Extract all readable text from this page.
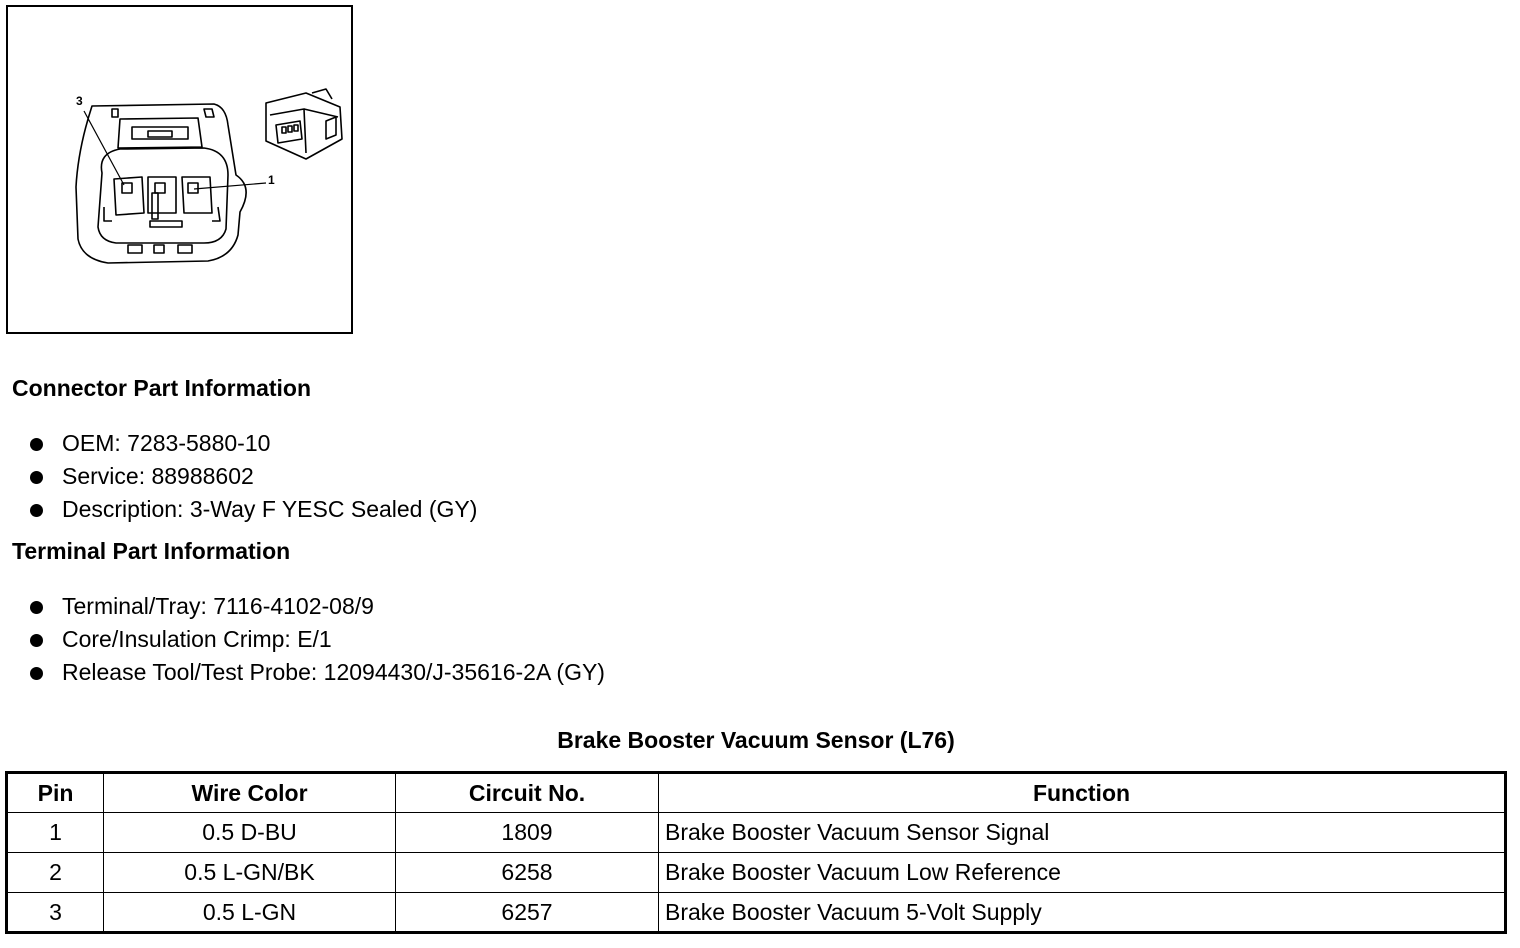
3
1
Connector Part Information
OEM: 7283-5880-10
Service: 88988602
Description: 3-Way F YESC Sealed (GY)
Terminal Part Information
Terminal/Tray: 7116-4102-08/9
Core/Insulation Crimp: E/1
Release Tool/Test Probe: 12094430/J-35616-2A (GY)
Brake Booster Vacuum Sensor (L76)
Pin	Wire Color	Circuit No.	Function
1	0.5 D-BU	1809	Brake Booster Vacuum Sensor Signal
2	0.5 L-GN/BK	6258	Brake Booster Vacuum Low Reference
3	0.5 L-GN	6257	Brake Booster Vacuum 5-Volt Supply
